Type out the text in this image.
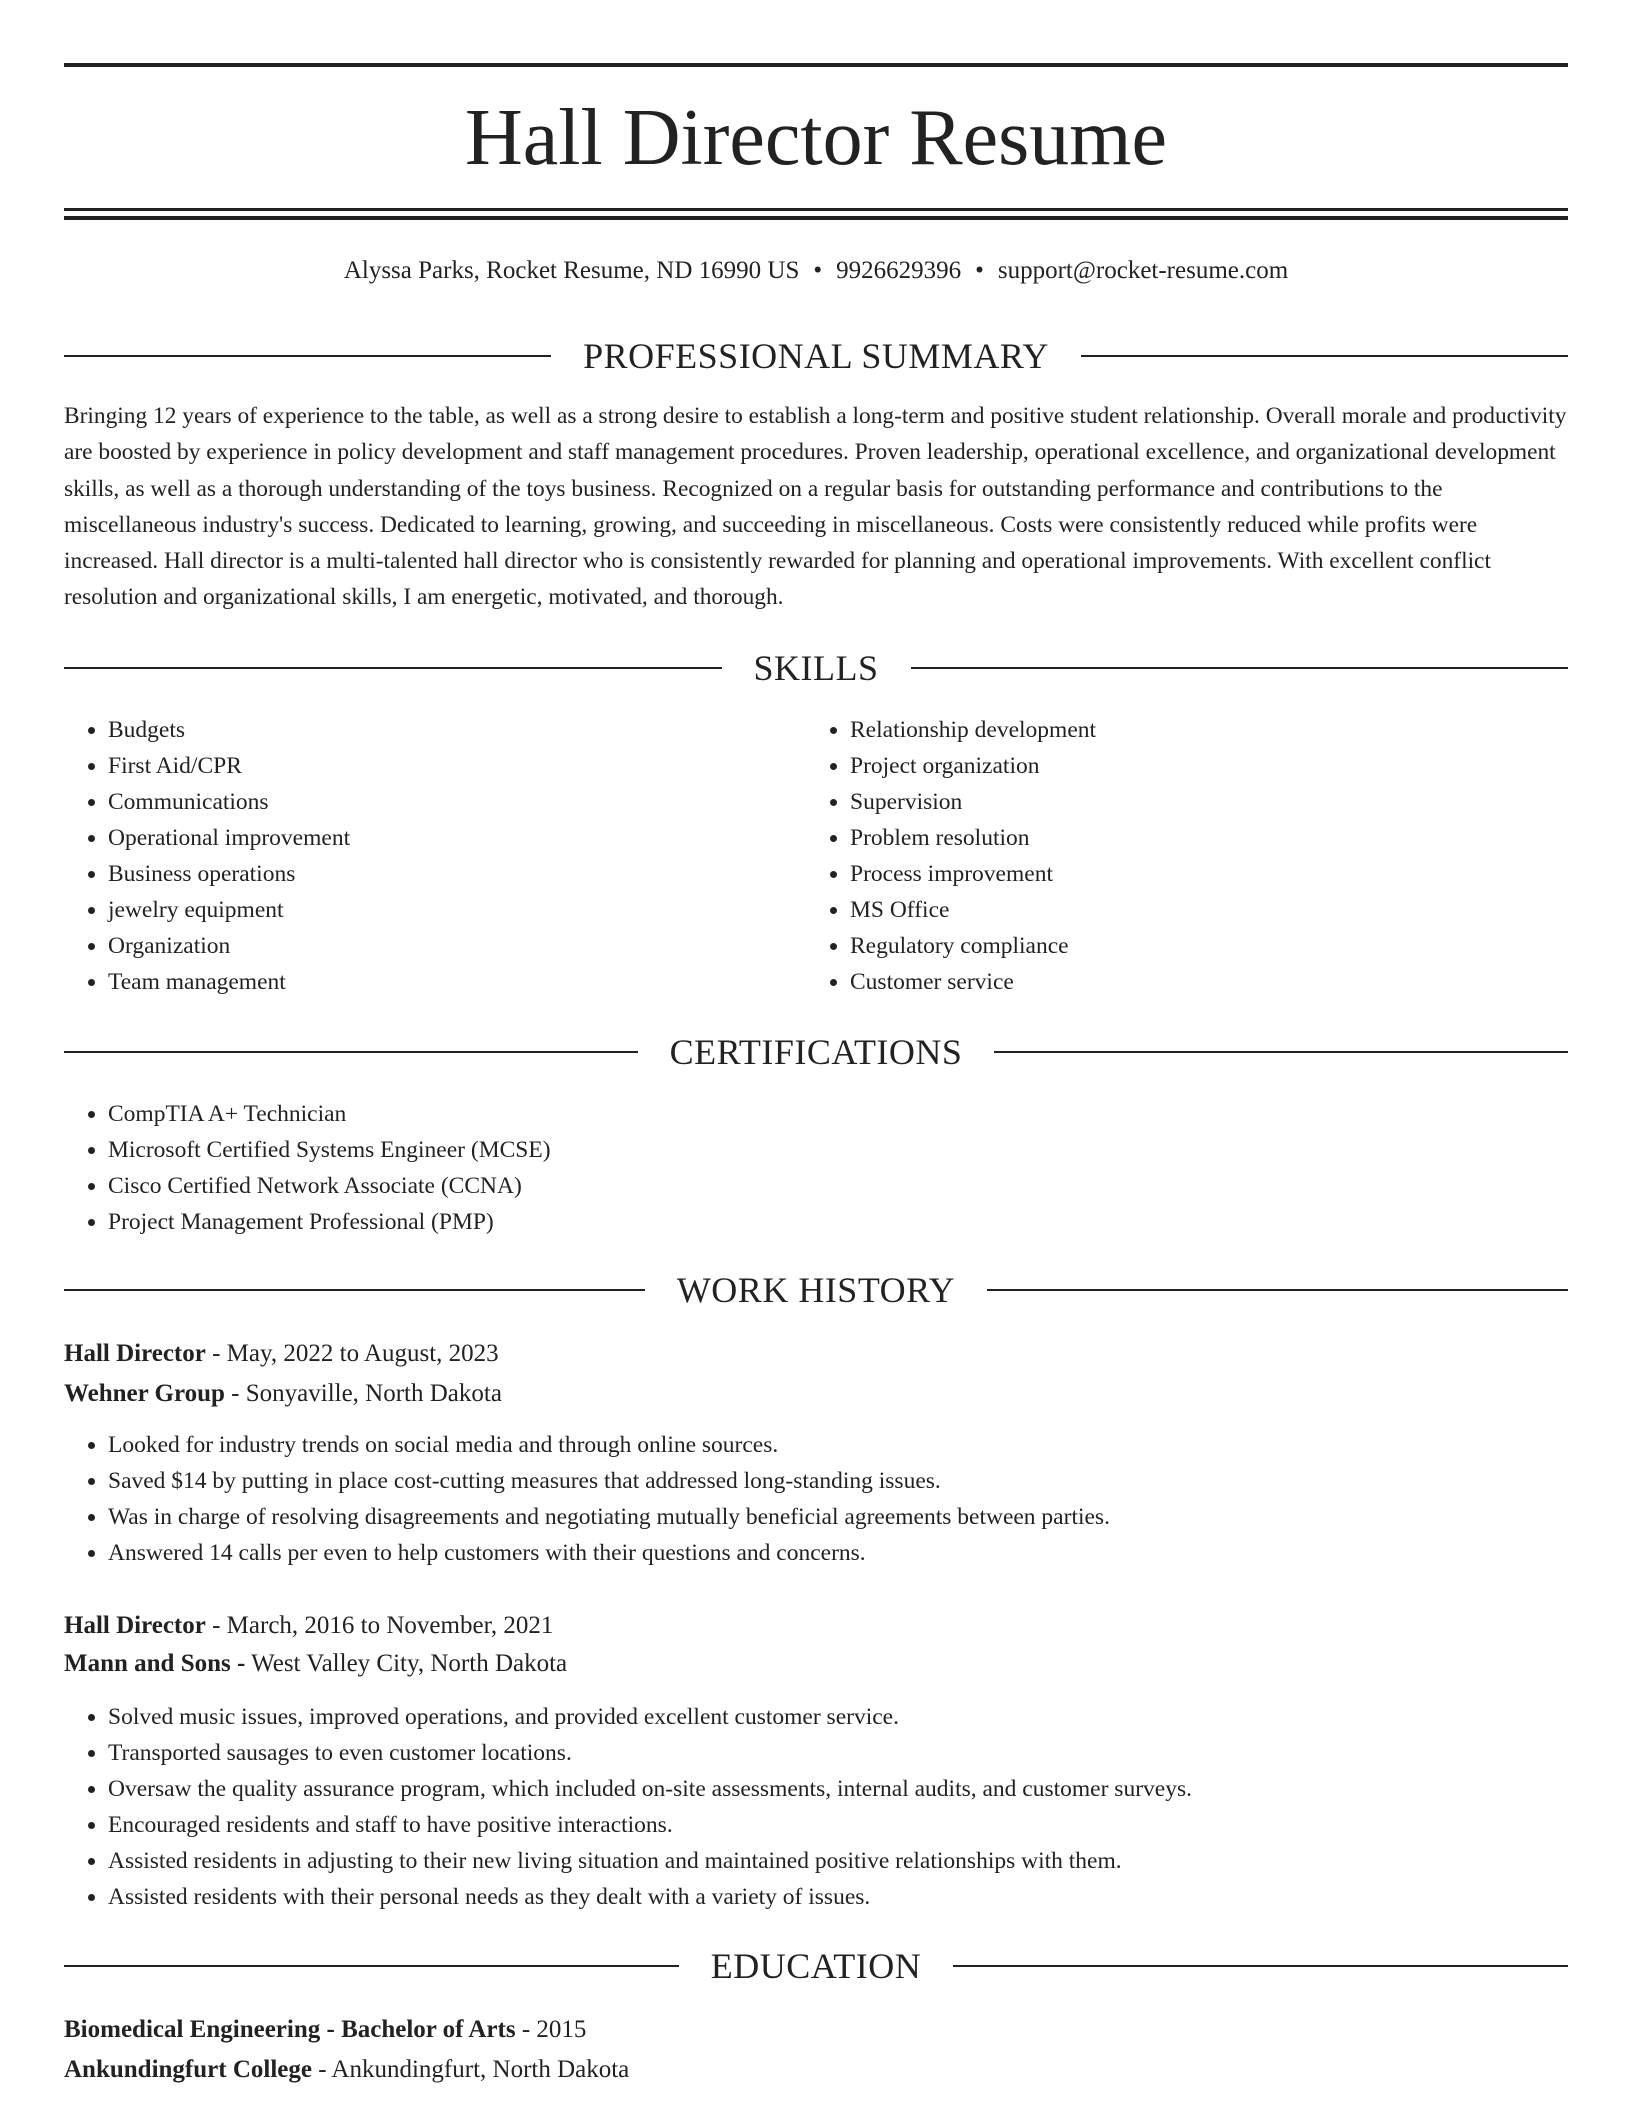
Hall Director Resume
Alyssa Parks, Rocket Resume, ND 16990 US • 9926629396 • support@rocket-resume.com
PROFESSIONAL SUMMARY

Bringing 12 years of experience to the table, as well as a strong desire to establish a long-term and positive student relationship. Overall morale and productivity are boosted by experience in policy development and staff management procedures. Proven leadership, operational excellence, and organizational development skills, as well as a thorough understanding of the toys business. Recognized on a regular basis for outstanding performance and contributions to the miscellaneous industry's success. Dedicated to learning, growing, and succeeding in miscellaneous. Costs were consistently reduced while profits were increased. Hall director is a multi-talented hall director who is consistently rewarded for planning and operational improvements. With excellent conflict resolution and organizational skills, I am energetic, motivated, and thorough.

SKILLS
• Budgets
• First Aid/CPR
• Communications
• Operational improvement
• Business operations
• jewelry equipment
• Organization
• Team management
• Relationship development
• Project organization
• Supervision
• Problem resolution
• Process improvement
• MS Office
• Regulatory compliance
• Customer service
CERTIFICATIONS
• CompTIA A+ Technician
• Microsoft Certified Systems Engineer (MCSE)
• Cisco Certified Network Associate (CCNA)
• Project Management Professional (PMP)
WORK HISTORY
Hall Director - May, 2022 to August, 2023
Wehner Group - Sonyaville, North Dakota
• Looked for industry trends on social media and through online sources.
• Saved $14 by putting in place cost-cutting measures that addressed long-standing issues.
• Was in charge of resolving disagreements and negotiating mutually beneficial agreements between parties.
• Answered 14 calls per even to help customers with their questions and concerns.
Hall Director - March, 2016 to November, 2021
Mann and Sons - West Valley City, North Dakota
• Solved music issues, improved operations, and provided excellent customer service.
• Transported sausages to even customer locations.
• Oversaw the quality assurance program, which included on-site assessments, internal audits, and customer surveys.
• Encouraged residents and staff to have positive interactions.
• Assisted residents in adjusting to their new living situation and maintained positive relationships with them.
• Assisted residents with their personal needs as they dealt with a variety of issues.
EDUCATION
Biomedical Engineering - Bachelor of Arts - 2015
Ankundingfurt College - Ankundingfurt, North Dakota
